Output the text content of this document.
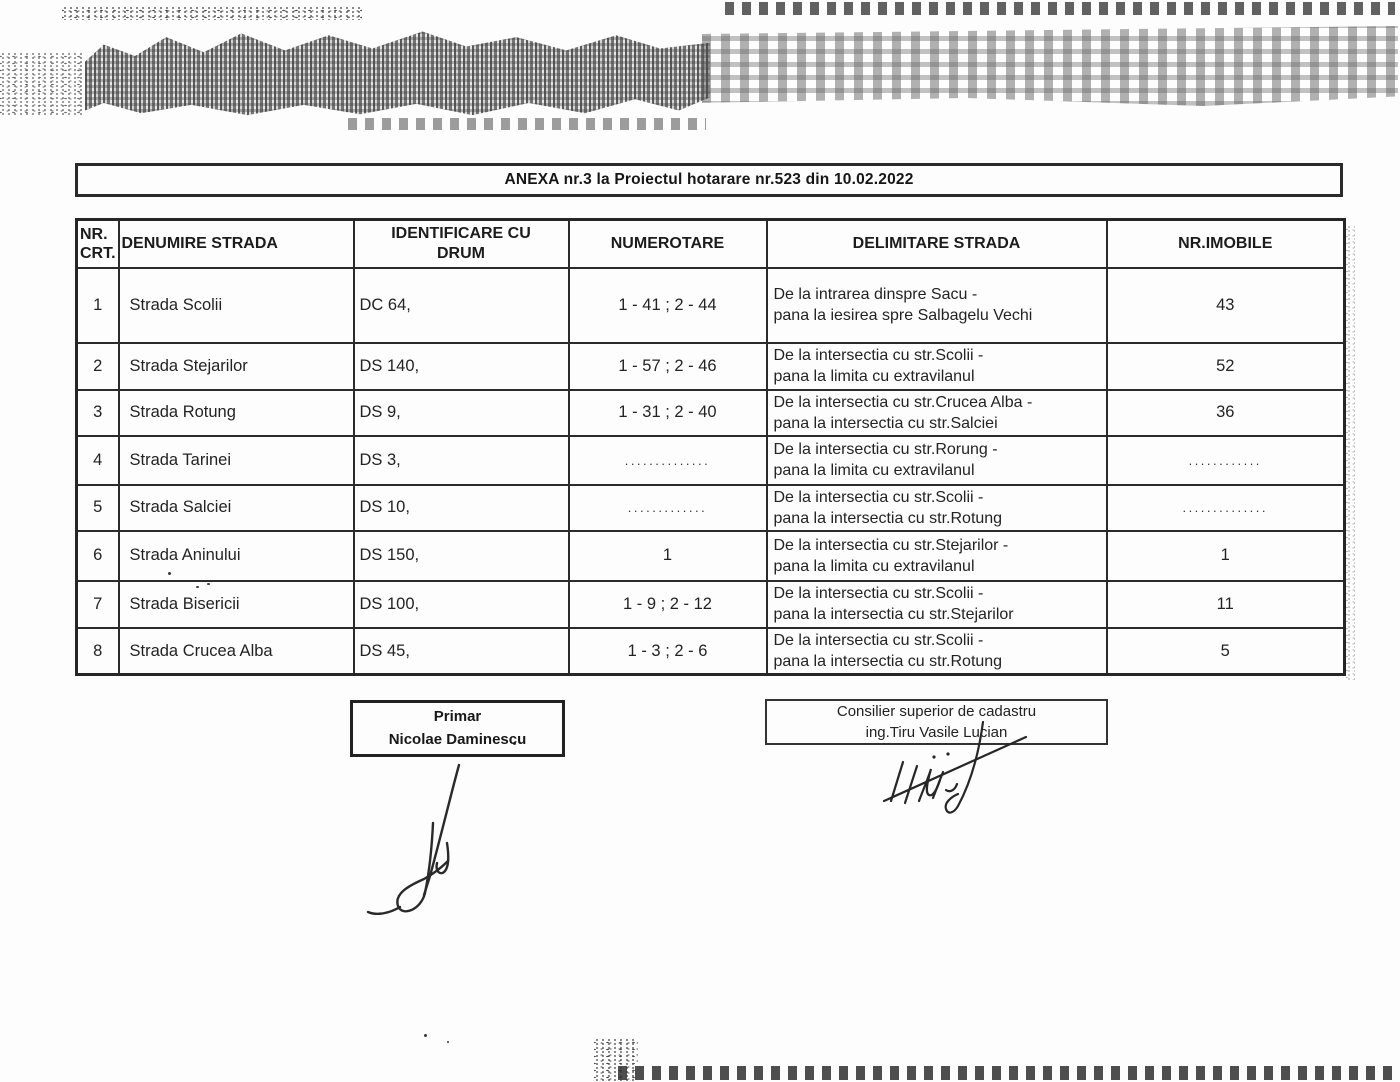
ANEXA nr.3 la Proiectul hotarare nr.523 din 10.02.2022
NR.
CRT.
	DENUMIRE STRADA	
IDENTIFICARE CU
DRUM
	NUMEROTARE	DELIMITARE STRADA	NR.IMOBILE
1	Strada Scolii	DC 64,	1 - 41 ; 2 - 44	De la intrarea dinspre Sacu -
pana la iesirea spre Salbagelu Vechi	43
2	Strada Stejarilor	DS 140,	1 - 57 ; 2 - 46	De la intersectia cu str.Scolii -
pana la limita cu extravilanul	52
3	Strada Rotung	DS 9,	1 - 31 ; 2 - 40	De la intersectia cu str.Crucea Alba -
pana la intersectia cu str.Salciei	36
4	Strada Tarinei	DS 3,	..............	De la intersectia cu str.Rorung -
pana la limita cu extravilanul	............
5	Strada Salciei	DS 10,	.............	De la intersectia cu str.Scolii -
pana la intersectia cu str.Rotung	..............
6	Strada Aninului	DS 150,	1	De la intersectia cu str.Stejarilor -
pana la limita cu extravilanul	1
7	Strada Bisericii	DS 100,	1 - 9 ; 2 - 12	De la intersectia cu str.Scolii -
pana la intersectia cu str.Stejarilor	11
8	Strada Crucea Alba	DS 45,	1 - 3 ; 2 - 6	De la intersectia cu str.Scolii -
pana la intersectia cu str.Rotung	5
Primar
Nicolae Daminescu
Consilier superior de cadastru
ing.Tiru Vasile Lucian
